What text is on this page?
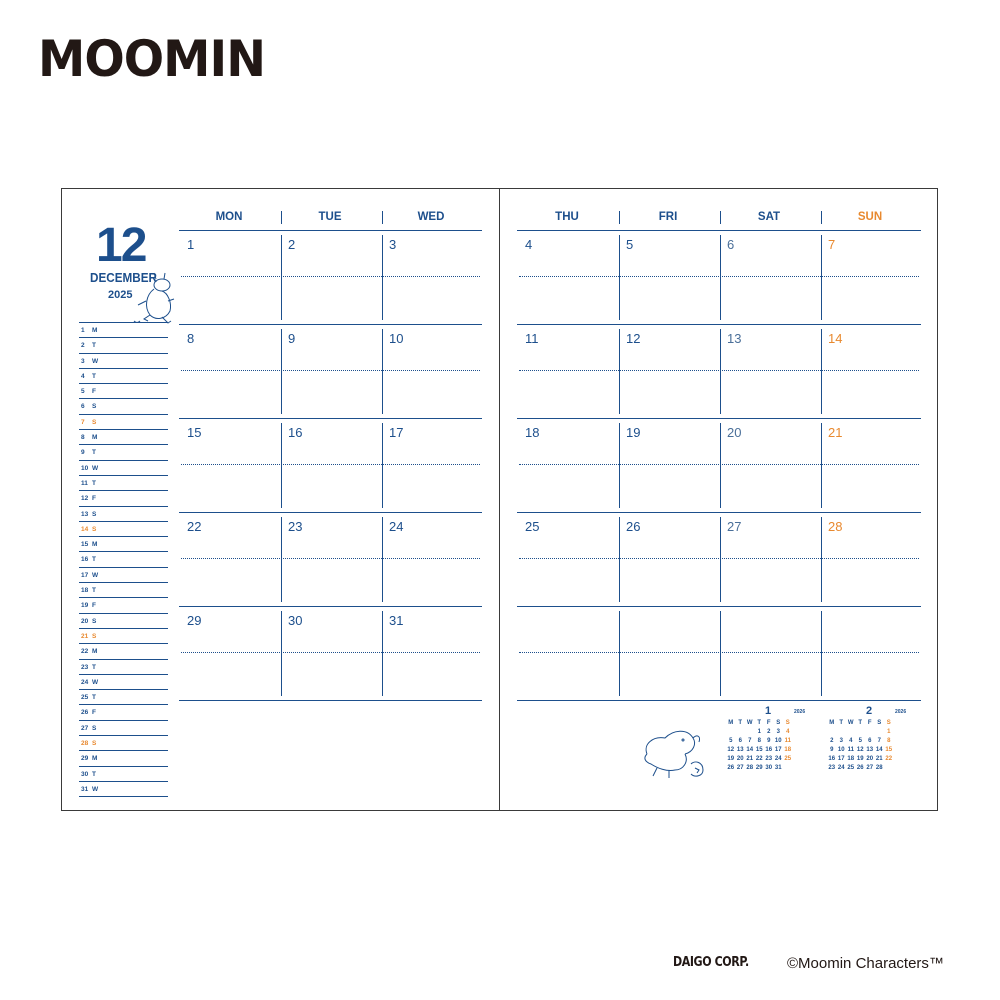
MOOMIN
12
DECEMBER
2025
1 M
2 T
3 W
4 T
5 F
6 S
7 S
8 M
9 T
10 W
11 T
12 F
13 S
14 S
15 M
16 T
17 W
18 T
19 F
20 S
21 S
22 M
23 T
24 W
25 T
26 F
27 S
28 S
29 M
30 T
31 W
MON	TUE	WED	THU	FRI	SAT	SUN
1	2	3	4	5	6	7
8	9	10	11	12	13	14
15	16	17	18	19	20	21
22	23	24	25	26	27	28
29	30	31
1	2026
M	T	W	T	F	S	S
			1	2	3	4
5	6	7	8	9	10	11
12	13	14	15	16	17	18
19	20	21	22	23	24	25
26	27	28	29	30	31	
2	2026
M	T	W	T	F	S	S
						1
2	3	4	5	6	7	8
9	10	11	12	13	14	15
16	17	18	19	20	21	22
23	24	25	26	27	28	
DAIGO CORP.	©Moomin Characters™
